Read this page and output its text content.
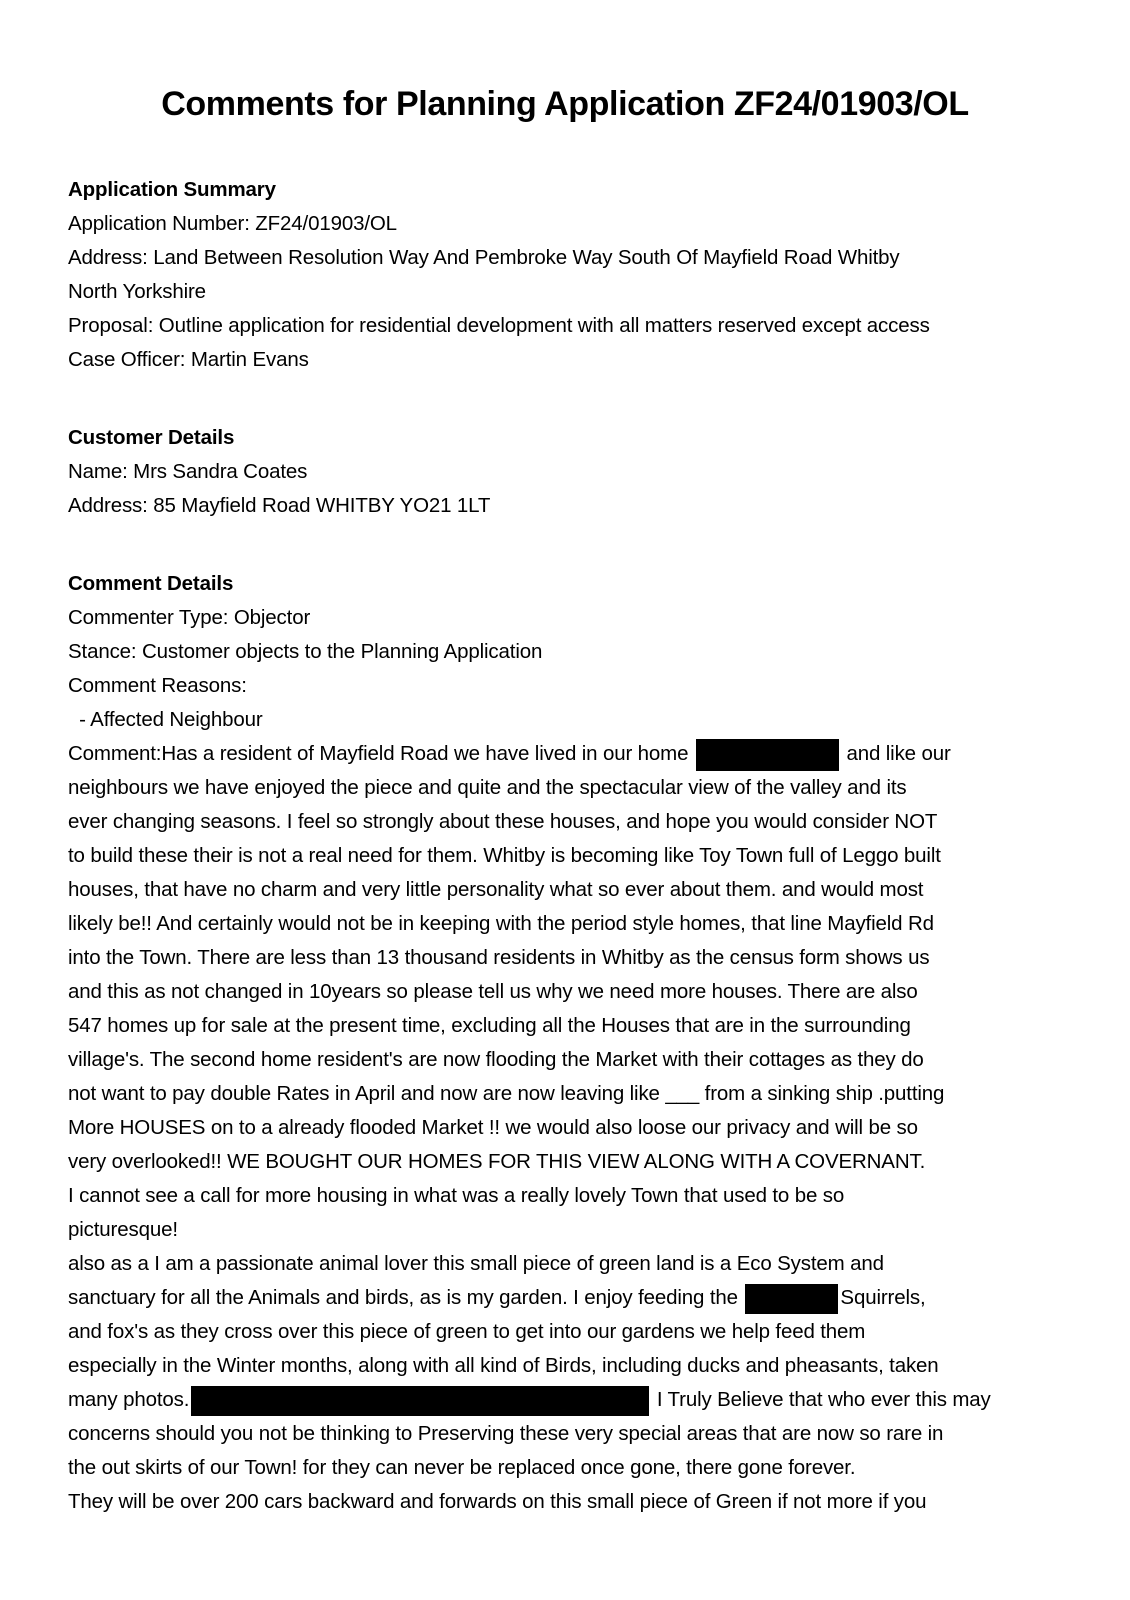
Comments for Planning Application ZF24/01903/OL
Application Summary
Application Number: ZF24/01903/OL
Address: Land Between Resolution Way And Pembroke Way South Of Mayfield Road Whitby
North Yorkshire
Proposal: Outline application for residential development with all matters reserved except access
Case Officer: Martin Evans
Customer Details
Name: Mrs Sandra Coates
Address: 85 Mayfield Road WHITBY YO21 1LT
Comment Details
Commenter Type: Objector
Stance: Customer objects to the Planning Application
Comment Reasons:
- Affected Neighbour
Comment:Has a resident of Mayfield Road we have lived in our home	and like our
neighbours we have enjoyed the piece and quite and the spectacular view of the valley and its
ever changing seasons. I feel so strongly about these houses, and hope you would consider NOT
to build these their is not a real need for them. Whitby is becoming like Toy Town full of Leggo built
houses, that have no charm and very little personality what so ever about them. and would most
likely be!! And certainly would not be in keeping with the period style homes, that line Mayfield Rd
into the Town. There are less than 13 thousand residents in Whitby as the census form shows us
and this as not changed in 10years so please tell us why we need more houses. There are also
547 homes up for sale at the present time, excluding all the Houses that are in the surrounding
village's. The second home resident's are now flooding the Market with their cottages as they do
not want to pay double Rates in April and now are now leaving like ___ from a sinking ship .putting
More HOUSES on to a already flooded Market !! we would also loose our privacy and will be so
very overlooked!! WE BOUGHT OUR HOMES FOR THIS VIEW ALONG WITH A COVERNANT.
I cannot see a call for more housing in what was a really lovely Town that used to be so
picturesque!
also as a I am a passionate animal lover this small piece of green land is a Eco System and
sanctuary for all the Animals and birds, as is my garden. I enjoy feeding the	Squirrels,
and fox's as they cross over this piece of green to get into our gardens we help feed them
especially in the Winter months, along with all kind of Birds, including ducks and pheasants, taken
many photos.	I Truly Believe that who ever this may
concerns should you not be thinking to Preserving these very special areas that are now so rare in
the out skirts of our Town! for they can never be replaced once gone, there gone forever.
They will be over 200 cars backward and forwards on this small piece of Green if not more if you
